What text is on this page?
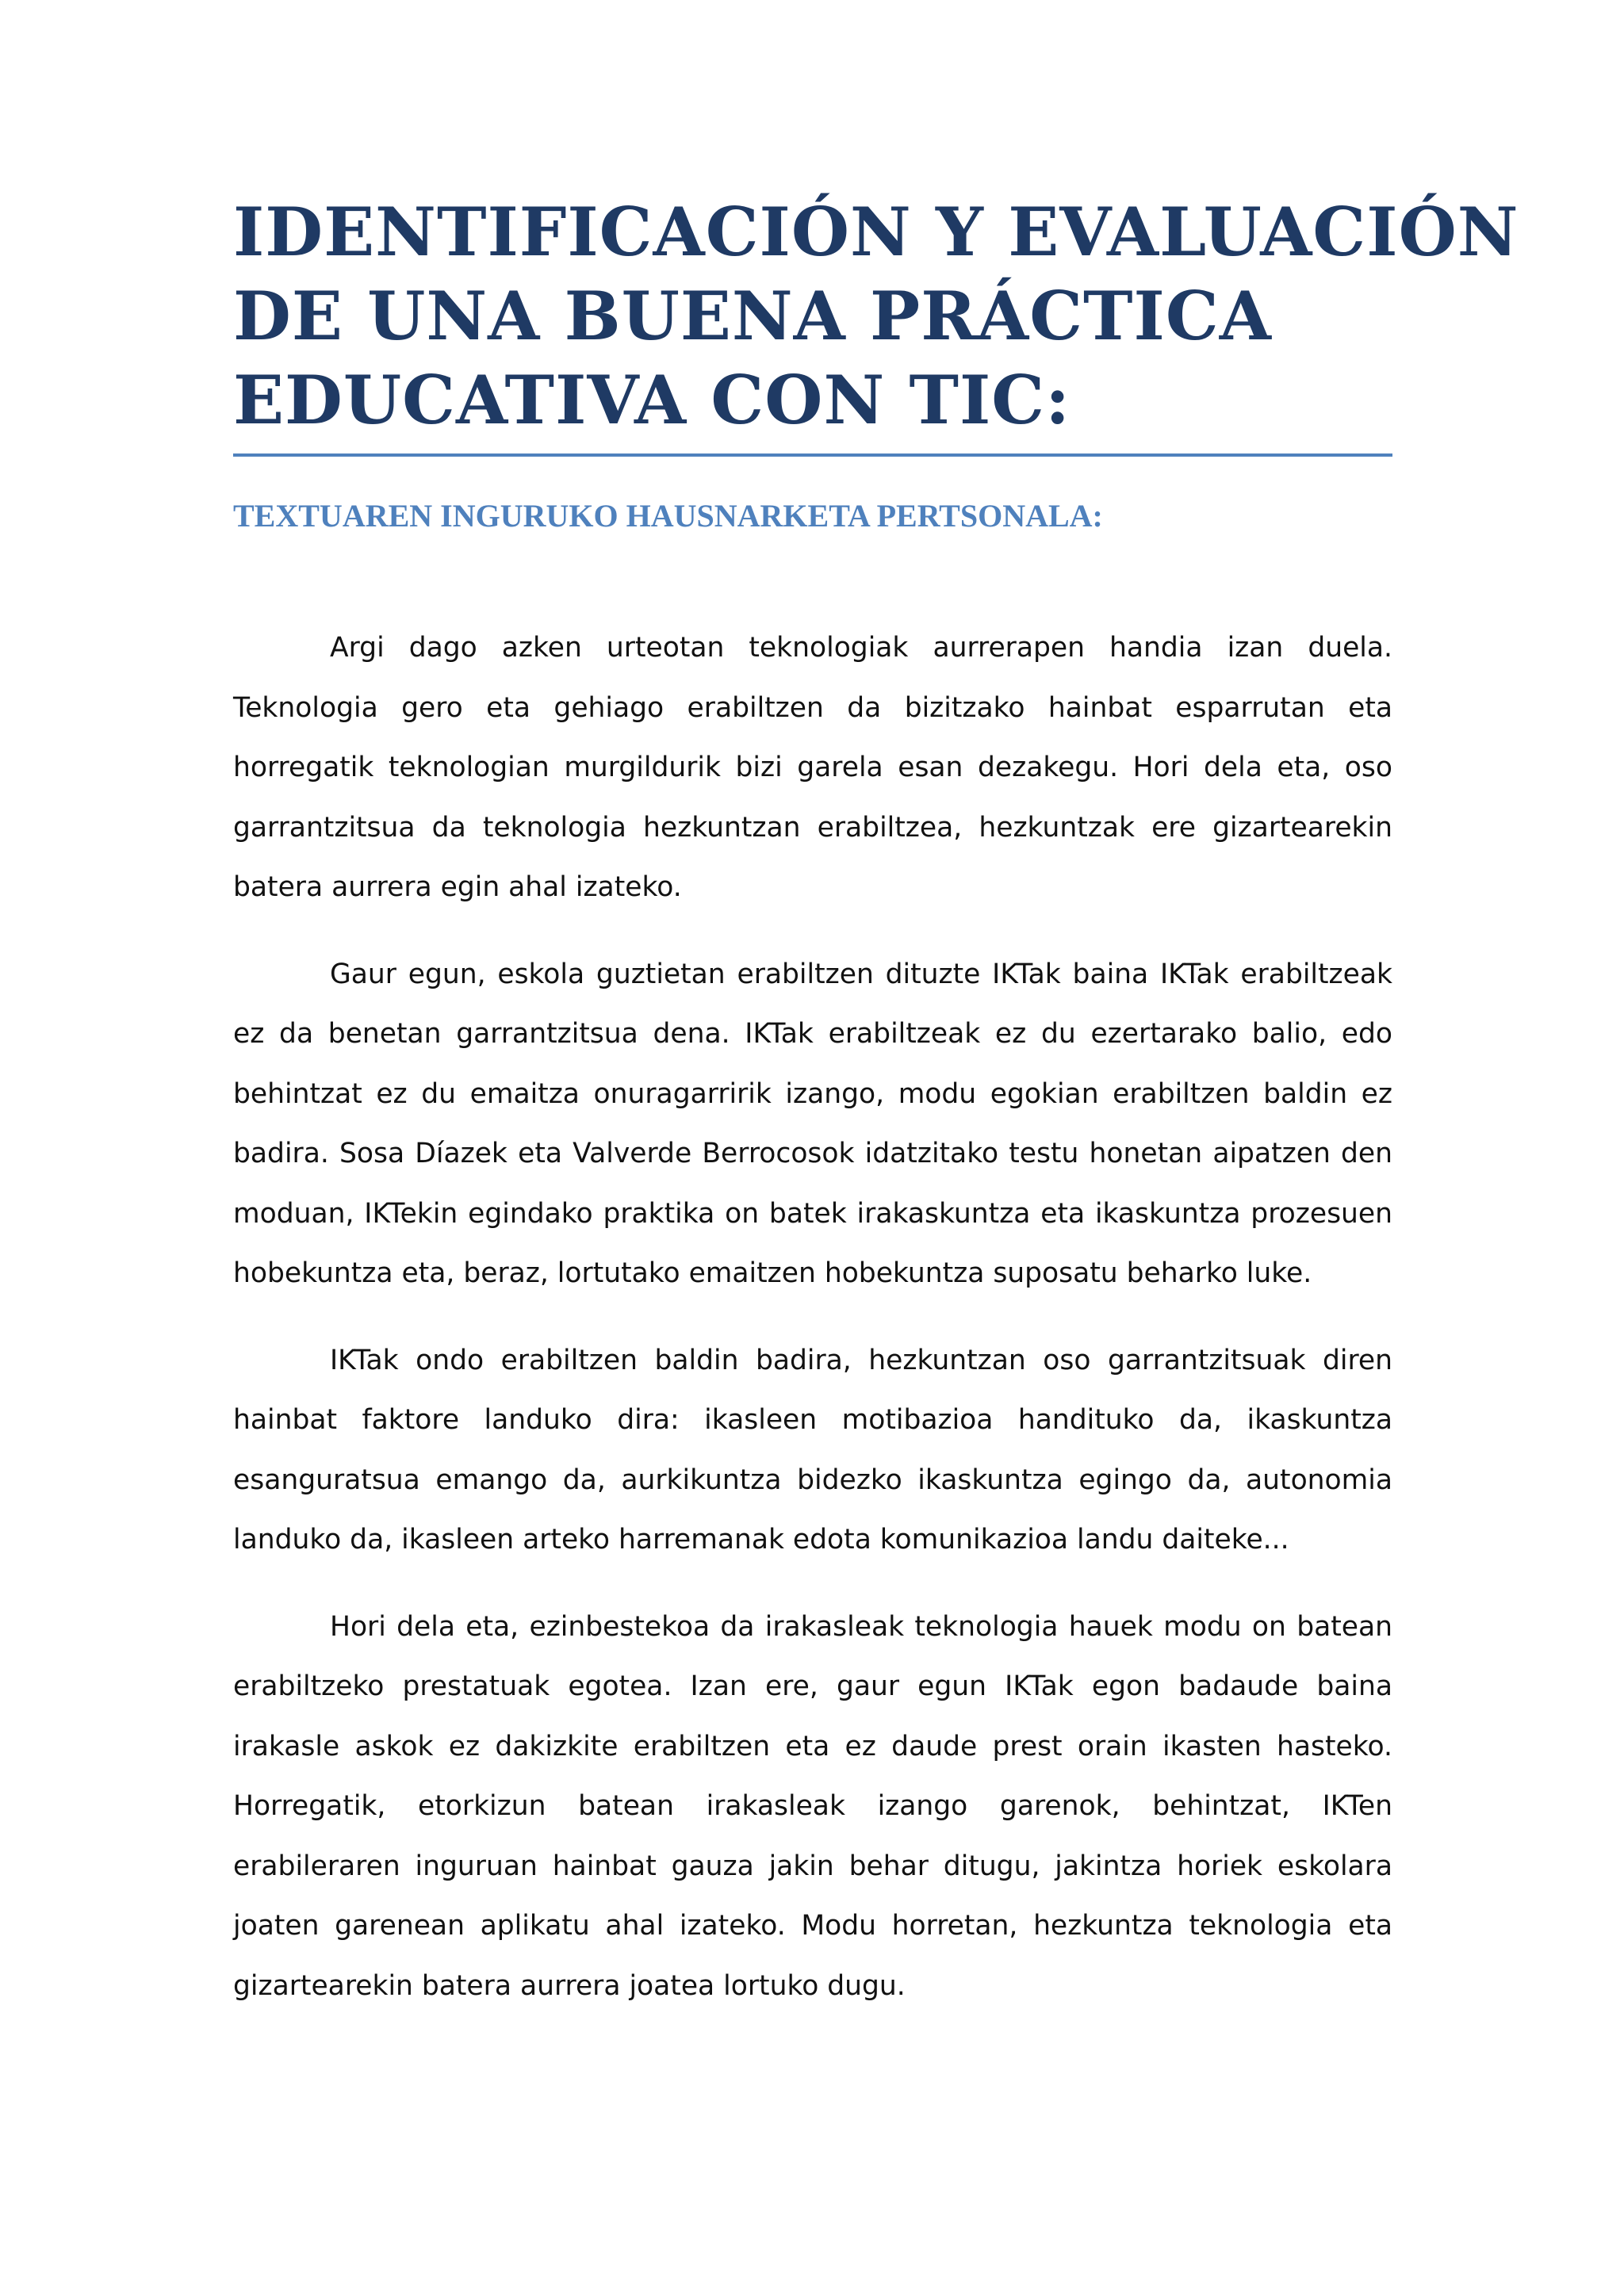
IDENTIFICACIÓN Y EVALUACIÓN
DE UNA BUENA PRÁCTICA
EDUCATIVA CON TIC:
TEXTUAREN INGURUKO HAUSNARKETA PERTSONALA:

Argi dago azken urteotan teknologiak aurrerapen handia izan duela. Teknologia gero eta gehiago erabiltzen da bizitzako hainbat esparrutan eta horregatik teknologian murgildurik bizi garela esan dezakegu. Hori dela eta, oso garrantzitsua da teknologia hezkuntzan erabiltzea, hezkuntzak ere gizartearekin batera aurrera egin ahal izateko.

Gaur egun, eskola guztietan erabiltzen dituzte IKTak baina IKTak erabiltzeak ez da benetan garrantzitsua dena. IKTak erabiltzeak ez du ezertarako balio, edo behintzat ez du emaitza onuragarririk izango, modu egokian erabiltzen baldin ez badira. Sosa Díazek eta Valverde Berrocosok idatzitako testu honetan aipatzen den moduan, IKTekin egindako praktika on batek irakaskuntza eta ikaskuntza prozesuen hobekuntza eta, beraz, lortutako emaitzen hobekuntza suposatu beharko luke.

IKTak ondo erabiltzen baldin badira, hezkuntzan oso garrantzitsuak diren hainbat faktore landuko dira: ikasleen motibazioa handituko da, ikaskuntza esanguratsua emango da, aurkikuntza bidezko ikaskuntza egingo da, autonomia landuko da, ikasleen arteko harremanak edota komunikazioa landu daiteke...

Hori dela eta, ezinbestekoa da irakasleak teknologia hauek modu on batean erabiltzeko prestatuak egotea. Izan ere, gaur egun IKTak egon badaude baina irakasle askok ez dakizkite erabiltzen eta ez daude prest orain ikasten hasteko. Horregatik, etorkizun batean irakasleak izango garenok, behintzat, IKTen erabileraren inguruan hainbat gauza jakin behar ditugu, jakintza horiek eskolara joaten garenean aplikatu ahal izateko. Modu horretan, hezkuntza teknologia eta gizartearekin batera aurrera joatea lortuko dugu.
